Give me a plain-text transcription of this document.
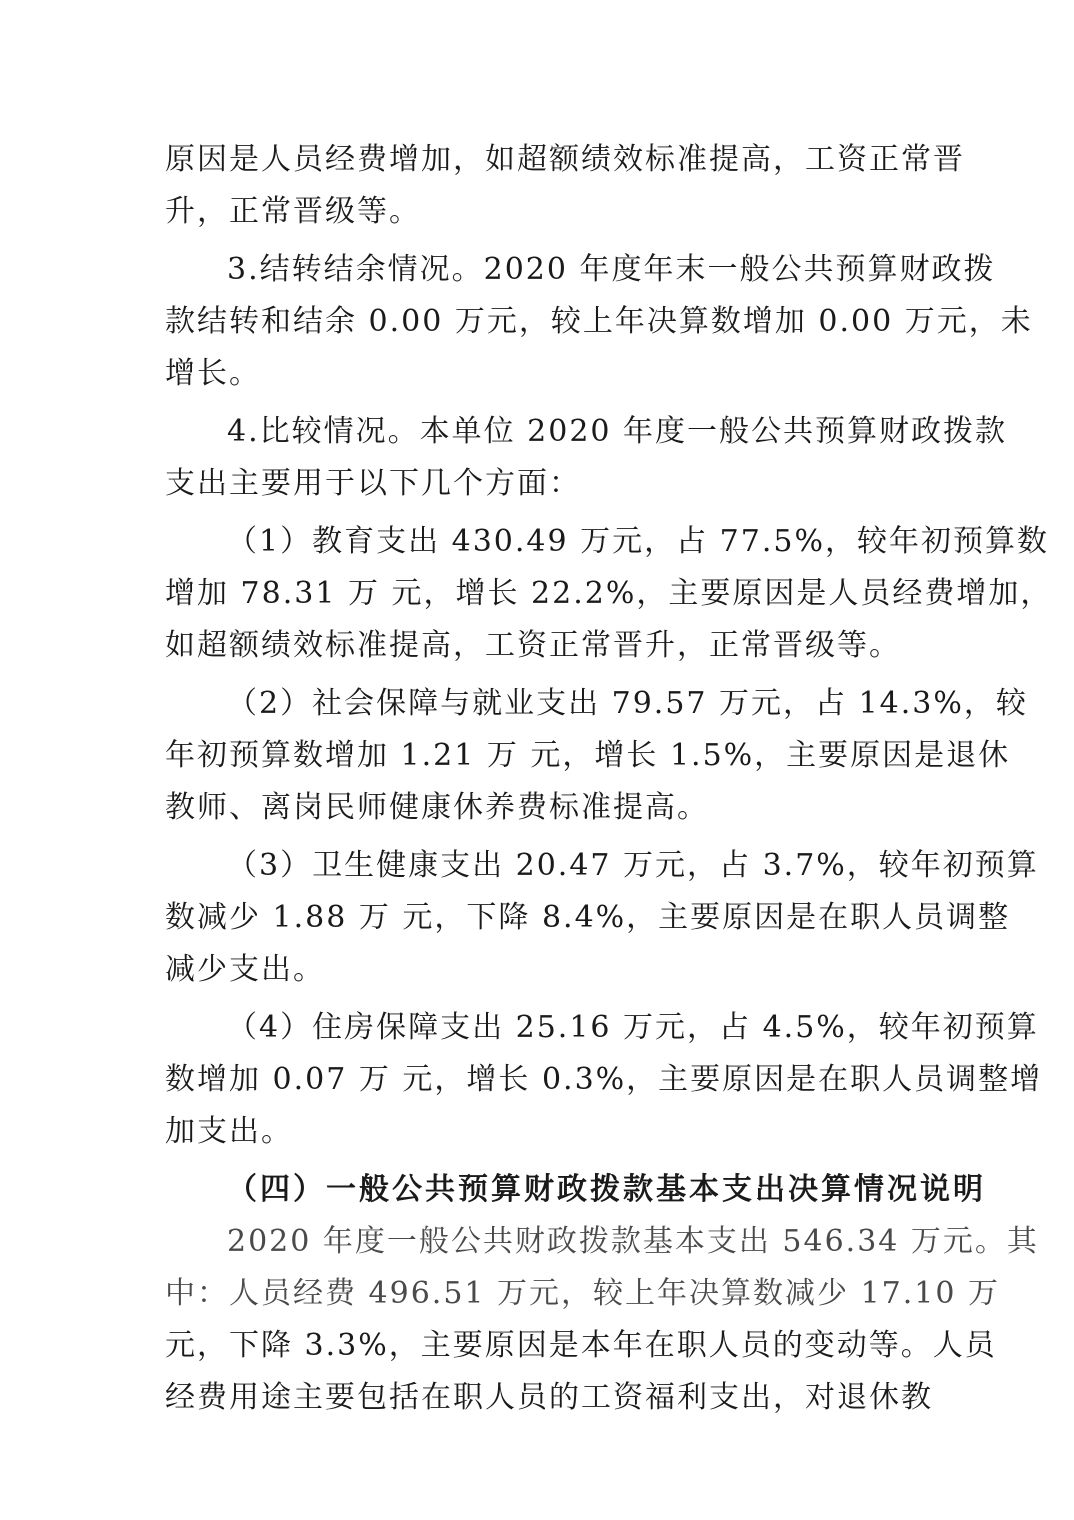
原因是人员经费增加，如超额绩效标准提高，工资正常晋
升，正常晋级等。
3.结转结余情况。2020 年度年末一般公共预算财政拨
款结转和结余 0.00 万元，较上年决算数增加 0.00 万元，未
增长。
4.比较情况。本单位 2020 年度一般公共预算财政拨款
支出主要用于以下几个方面：
（1）教育支出 430.49 万元，占 77.5%，较年初预算数
增加 78.31 万 元，增长 22.2%，主要原因是人员经费增加，
如超额绩效标准提高，工资正常晋升，正常晋级等。
（2）社会保障与就业支出 79.57 万元，占 14.3%，较
年初预算数增加 1.21 万 元，增长 1.5%，主要原因是退休
教师、离岗民师健康休养费标准提高。
（3）卫生健康支出 20.47 万元，占 3.7%，较年初预算
数减少 1.88 万 元，下降 8.4%，主要原因是在职人员调整
减少支出。
（4）住房保障支出 25.16 万元，占 4.5%，较年初预算
数增加 0.07 万 元，增长 0.3%，主要原因是在职人员调整增
加支出。
（四）一般公共预算财政拨款基本支出决算情况说明
2020 年度一般公共财政拨款基本支出 546.34 万元。其
中：人员经费 496.51 万元，较上年决算数减少 17.10 万
元，下降 3.3%，主要原因是本年在职人员的变动等。人员
经费用途主要包括在职人员的工资福利支出，对退休教
